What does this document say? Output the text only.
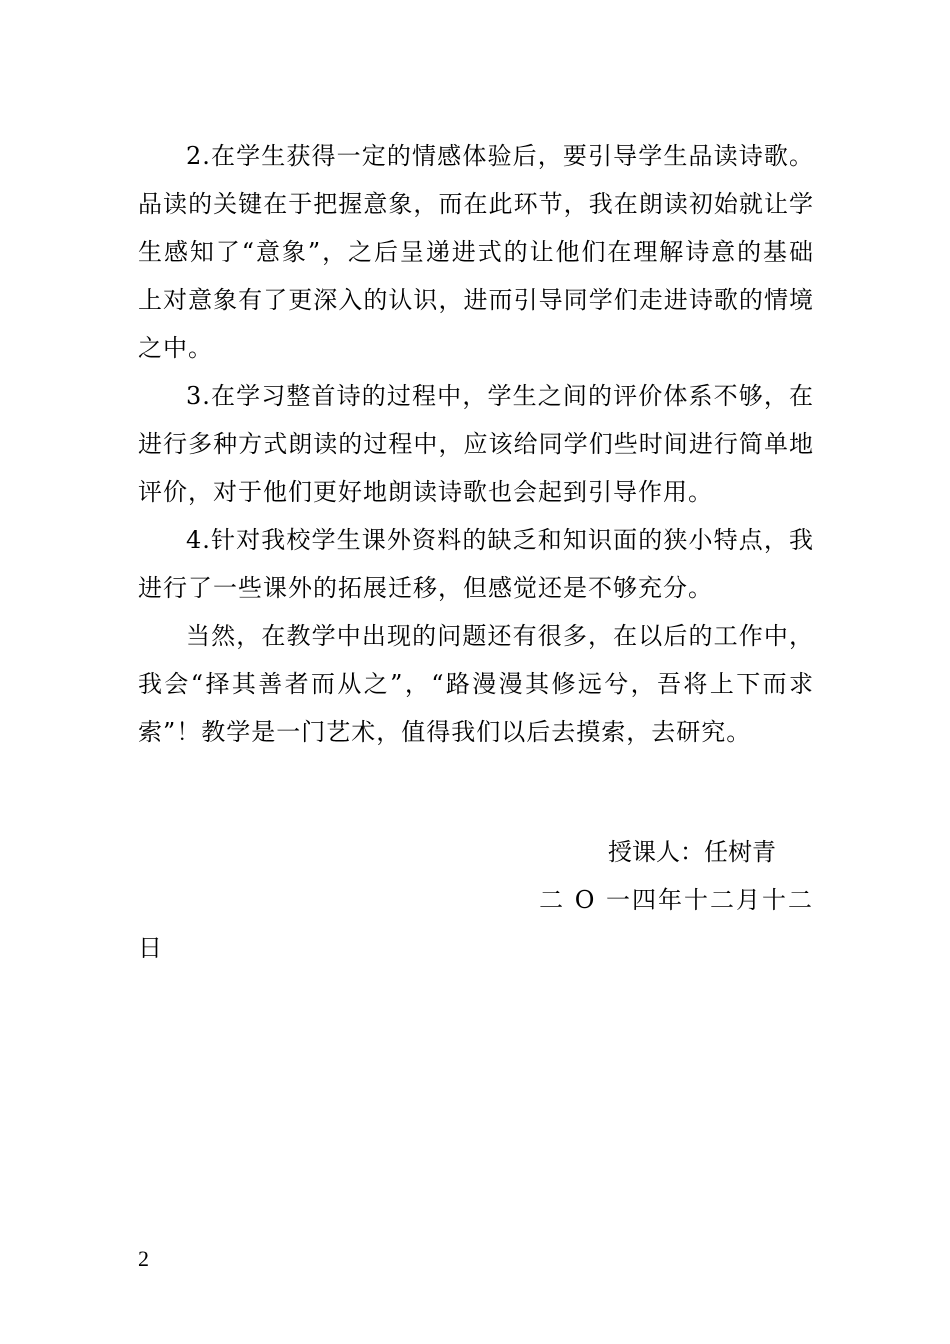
2.在学生获得一定的情感体验后，要引导学生品读诗歌。品读的关键在于把握意象，而在此环节，我在朗读初始就让学生感知了“意象”，之后呈递进式的让他们在理解诗意的基础上对意象有了更深入的认识，进而引导同学们走进诗歌的情境之中。

3.在学习整首诗的过程中，学生之间的评价体系不够，在进行多种方式朗读的过程中，应该给同学们些时间进行简单地评价，对于他们更好地朗读诗歌也会起到引导作用。

4.针对我校学生课外资料的缺乏和知识面的狭小特点，我进行了一些课外的拓展迁移，但感觉还是不够充分。

当然，在教学中出现的问题还有很多，在以后的工作中，我会“择其善者而从之”，“路漫漫其修远兮，吾将上下而求索”！教学是一门艺术，值得我们以后去摸索，去研究。

授课人：任树青
二 O 一四年十二月十二
日
2
